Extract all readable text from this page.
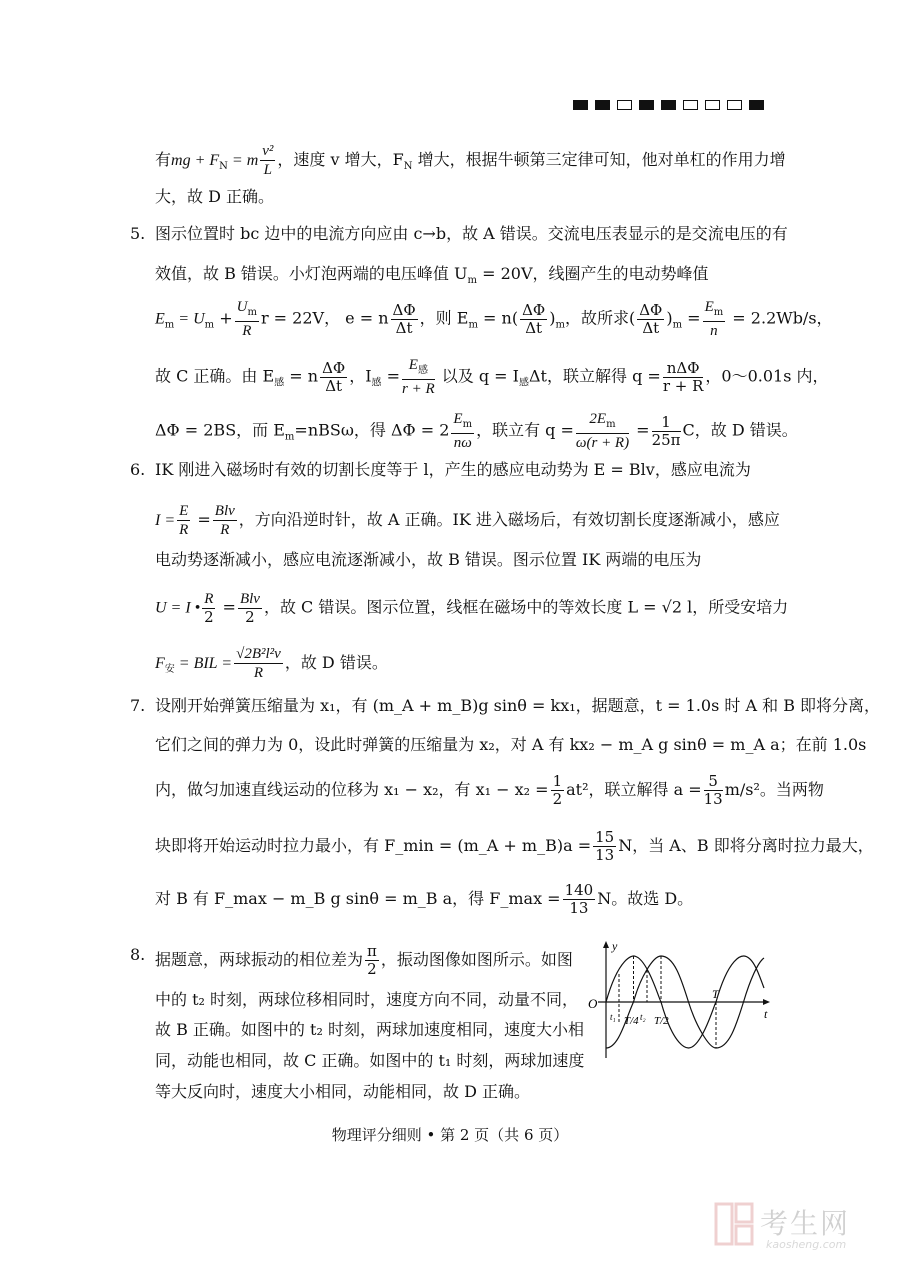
有mg + $F_N = m \frac{\text{v²}}{L}$ ，速度 v 增大，$F_N$ 增大，根据牛顿第三定律可知，他对单杠的作用力增
大，故 D 正确。
5. 图示位置时 bc 边中的电流方向应由 c→b，故 A 错误。交流电压表显示的是交流电压的有
效值，故 B 错误。小灯泡两端的电压峰值 $U_m = 20V$，线圈产生的电动势峰值
$E_m = U_m + \frac{U_m}{R}$ r = 22V， e = n $\frac{\Delta\Phi}{\Delta t}$ ，则 $E_m = n( \frac{\Delta\Phi}{\Delta t} )_m$，故所求( $\frac{\Delta\Phi}{\Delta t} )_m = \frac{E_m}{n} = 2.2Wb/s$，
故 C 正确。由 $E_感 = n \frac{\Delta\Phi}{\Delta t}$ ，$I_感 = \frac{E_感}{r + R}$ 以及 $q = I_感\Delta t$，联立解得 $q = \frac{\text{nΔΦ}}{r + R}$ ，0～0.01s 内，
ΔΦ = 2BS，而 $E_m=nBS\omega$，得 $\Delta\Phi = 2 \frac{E_m}{n\omega}$ ，联立有 $q = \frac{2E_m}{\omega(r + R)} = \frac{1}{25\pi}$ C，故 D 错误。
6. IK 刚进入磁场时有效的切割长度等于 l，产生的感应电动势为 E = Blv，感应电流为
$I = \frac{E}{R} = \frac{\text{Blv}}{R}$ ，方向沿逆时针，故 A 正确。IK 进入磁场后，有效切割长度逐渐减小，感应
电动势逐渐减小，感应电流逐渐减小，故 B 错误。图示位置 IK 两端的电压为
U = I • $\frac{R}{2} = \frac{\text{Blv}}{2}$ ，故 C 错误。图示位置，线框在磁场中的等效长度 L = √2 l，所受安培力
$F_安$ = BIL = $\frac{\text{√2B²l²v}}{R}$ ，故 D 错误。
7. 设刚开始弹簧压缩量为 x₁，有 (m_A + m_B)g sinθ = kx₁，据题意，t = 1.0s 时 A 和 B 即将分离，
它们之间的弹力为 0，设此时弹簧的压缩量为 x₂，对 A 有 kx₂ − m_A g sinθ = m_A a；在前 1.0s
内，做匀加速直线运动的位移为 x₁ − x₂，有 $x_1 - x_2 = \frac{1}{2} at^2$，联立解得 $a = \frac{5}{13} m/s^2$。当两物
块即将开始运动时拉力最小，有 F_min = (m_A + m_B)a = $\frac{15}{13}$ N，当 A、B 即将分离时拉力最大，
对 B 有 F_max − m_B g sinθ = m_B a，得 F_max = $\frac{140}{13}$ N。故选 D。
8. 据题意，两球振动的相位差为 $\frac{\pi}{2}$ ，振动图像如图所示。如图
中的 t₂ 时刻，两球位移相同时，速度方向不同，动量不同，
故 B 正确。如图中的 t₂ 时刻，两球加速度相同，速度大小相
同，动能也相同，故 C 正确。如图中的 t₁ 时刻，两球加速度
等大反向时，速度大小相同，动能相同，故 D 正确。
y
t
O
t₁	t₂
T/4 T/2
T
物理评分细则 • 第 2 页（共 6 页）
考生网
kaosheng.com
